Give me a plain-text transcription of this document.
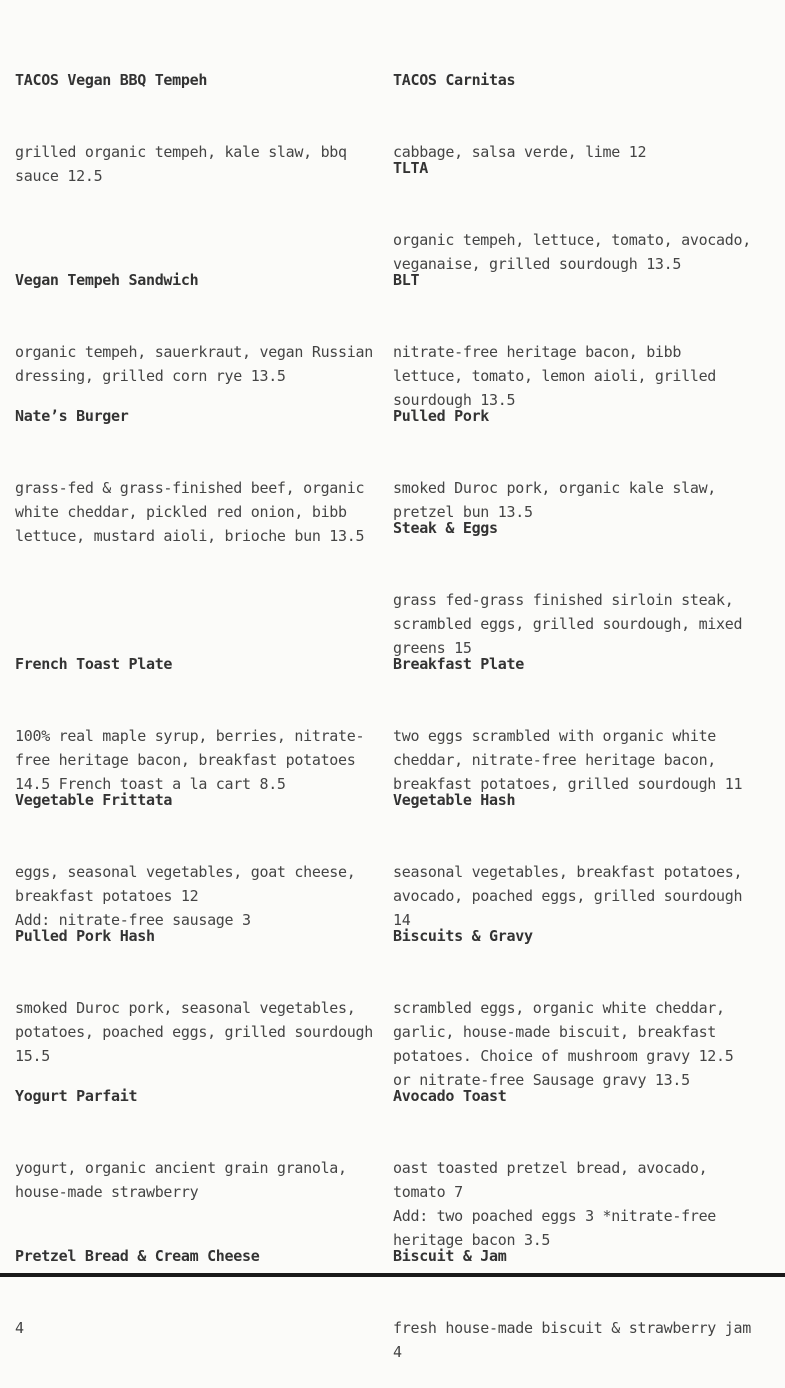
TACOS Vegan BBQ Tempeh

grilled organic tempeh, kale slaw, bbq
sauce 12.5

TACOS Carnitas

cabbage, salsa verde, lime 12

TLTA

organic tempeh, lettuce, tomato, avocado,
veganaise, grilled sourdough 13.5

Vegan Tempeh Sandwich

organic tempeh, sauerkraut, vegan Russian
dressing, grilled corn rye 13.5

BLT

nitrate-free heritage bacon, bibb
lettuce, tomato, lemon aioli, grilled
sourdough 13.5

Nate’s Burger

grass-fed & grass-finished beef, organic
white cheddar, pickled red onion, bibb
lettuce, mustard aioli, brioche bun 13.5

Pulled Pork

smoked Duroc pork, organic kale slaw,
pretzel bun 13.5

Steak & Eggs

grass fed-grass finished sirloin steak,
scrambled eggs, grilled sourdough, mixed
greens 15

French Toast Plate

100% real maple syrup, berries, nitrate-
free heritage bacon, breakfast potatoes
14.5 French toast a la cart 8.5

Breakfast Plate

two eggs scrambled with organic white
cheddar, nitrate-free heritage bacon,
breakfast potatoes, grilled sourdough 11

Vegetable Frittata

eggs, seasonal vegetables, goat cheese,
breakfast potatoes 12
Add: nitrate-free sausage 3

Vegetable Hash

seasonal vegetables, breakfast potatoes,
avocado, poached eggs, grilled sourdough
14

Pulled Pork Hash

smoked Duroc pork, seasonal vegetables,
potatoes, poached eggs, grilled sourdough
15.5

Biscuits & Gravy

scrambled eggs, organic white cheddar,
garlic, house-made biscuit, breakfast
potatoes. Choice of mushroom gravy 12.5
or nitrate-free Sausage gravy 13.5

Yogurt Parfait

yogurt, organic ancient grain granola,
house-made strawberry

Avocado Toast

oast toasted pretzel bread, avocado,
tomato 7
Add: two poached eggs 3 *nitrate-free
heritage bacon 3.5

Pretzel Bread & Cream Cheese

4

Biscuit & Jam

fresh house-made biscuit & strawberry jam
4
